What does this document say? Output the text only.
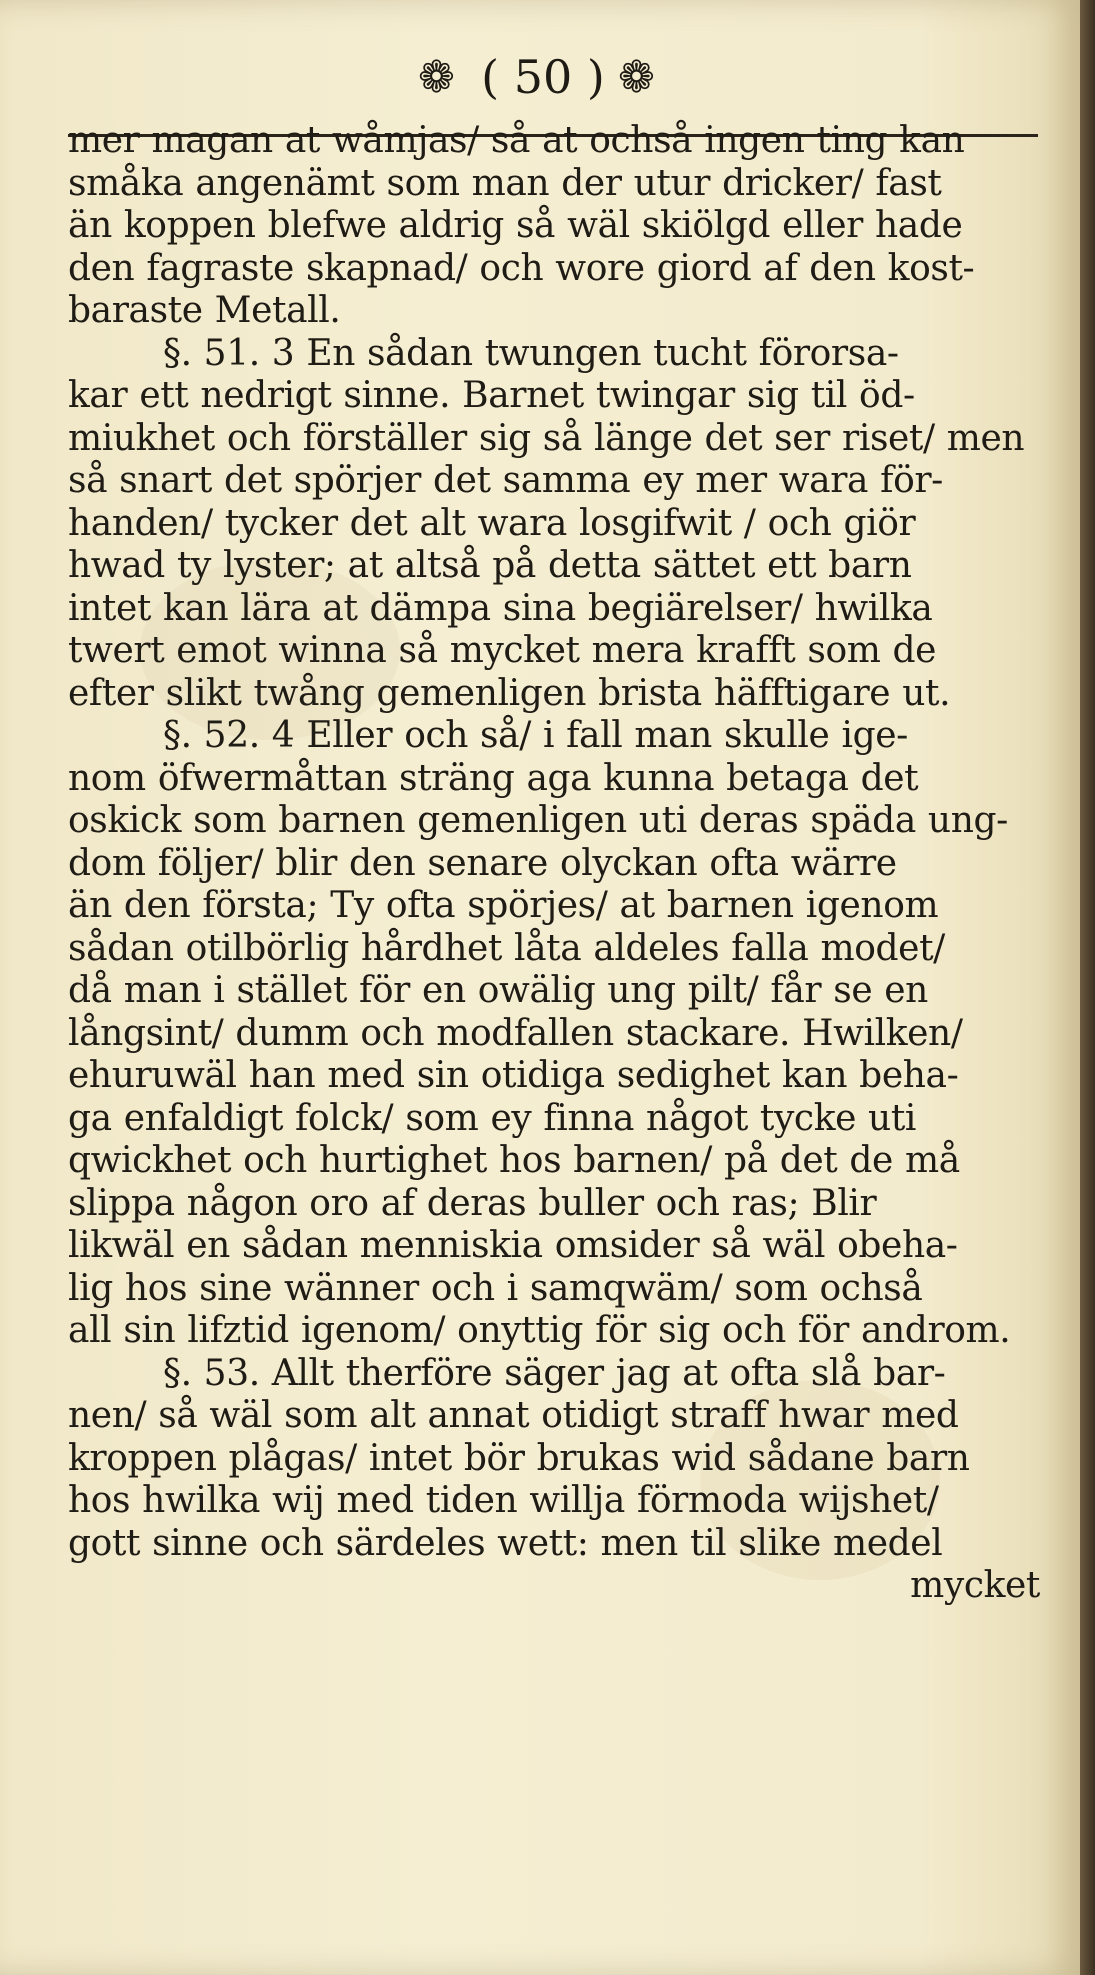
❁ ( 50 ) ❁
mer magan at wåmjas/ så at ochså ingen ting kan
småka angenämt som man der utur dricker/ fast
än koppen blefwe aldrig så wäl skiölgd eller hade
den fagraste skapnad/ och wore giord af den kost-
baraste Metall.
§. 51. 3 En sådan twungen tucht förorsa-
kar ett nedrigt sinne. Barnet twingar sig til öd-
miukhet och förställer sig så länge det ser riset/ men
så snart det spörjer det samma ey mer wara för-
handen/ tycker det alt wara losgifwit / och giör
hwad ty lyster; at altså på detta sättet ett barn
intet kan lära at dämpa sina begiärelser/ hwilka
twert emot winna så mycket mera krafft som de
efter slikt twång gemenligen brista häfftigare ut.
§. 52. 4 Eller och så/ i fall man skulle ige-
nom öfwermåttan sträng aga kunna betaga det
oskick som barnen gemenligen uti deras späda ung-
dom följer/ blir den senare olyckan ofta wärre
än den första; Ty ofta spörjes/ at barnen igenom
sådan otilbörlig hårdhet låta aldeles falla modet/
då man i stället för en owälig ung pilt/ får se en
långsint/ dumm och modfallen stackare. Hwilken/
ehuruwäl han med sin otidiga sedighet kan beha-
ga enfaldigt folck/ som ey finna något tycke uti
qwickhet och hurtighet hos barnen/ på det de må
slippa någon oro af deras buller och ras; Blir
likwäl en sådan menniskia omsider så wäl obeha-
lig hos sine wänner och i samqwäm/ som ochså
all sin lifztid igenom/ onyttig för sig och för androm.
§. 53. Allt therföre säger jag at ofta slå bar-
nen/ så wäl som alt annat otidigt straff hwar med
kroppen plågas/ intet bör brukas wid sådane barn
hos hwilka wij med tiden willja förmoda wijshet/
gott sinne och särdeles wett: men til slike medel
mycket
